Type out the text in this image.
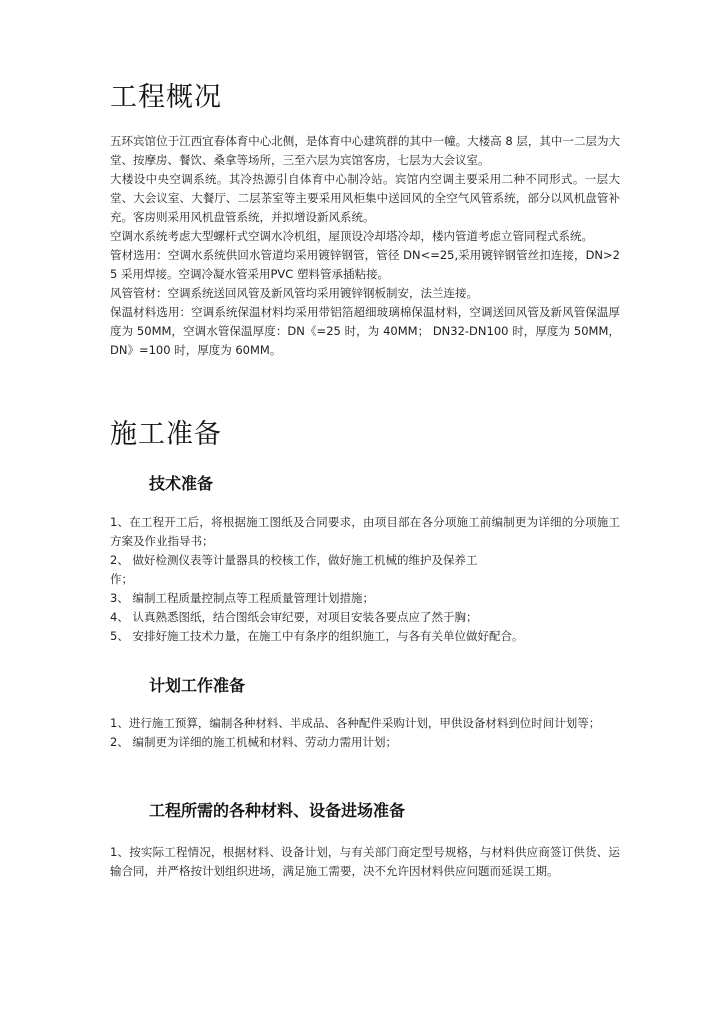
工程概况

五环宾馆位于江西宜春体育中心北侧，是体育中心建筑群的其中一幢。大楼高 8 层，其中一二层为大堂、按摩房、餐饮、桑拿等场所，三至六层为宾馆客房，七层为大会议室。

大楼设中央空调系统。其冷热源引自体育中心制冷站。宾馆内空调主要采用二种不同形式。一层大堂、大会议室、大餐厅、二层茶室等主要采用风柜集中送回风的全空气风管系统，部分以风机盘管补充。客房则采用风机盘管系统，并拟增设新风系统。

空调水系统考虑大型螺杆式空调水冷机组，屋顶设冷却塔冷却，楼内管道考虑立管同程式系统。

管材选用：空调水系统供回水管道均采用镀锌钢管，管径 DN<=25,采用镀锌钢管丝扣连接，DN>25 采用焊接。空调冷凝水管采用PVC 塑料管承插粘接。

风管管材：空调系统送回风管及新风管均采用镀锌钢板制安，法兰连接。

保温材料选用：空调系统保温材料均采用带铝箔超细玻璃棉保温材料，空调送回风管及新风管保温厚度为 50MM，空调水管保温厚度：DN《=25 时，为 40MM； DN32-DN100 时，厚度为 50MM，DN》=100 时，厚度为 60MM。

施工准备
技术准备

1、在工程开工后，将根据施工图纸及合同要求，由项目部在各分项施工前编制更为详细的分项施工方案及作业指导书；

2、 做好检测仪表等计量器具的校核工作，做好施工机械的维护及保养工

作；

3、 编制工程质量控制点等工程质量管理计划措施；

4、 认真熟悉图纸，结合图纸会审纪要，对项目安装各要点应了然于胸；

5、 安排好施工技术力量，在施工中有条序的组织施工，与各有关单位做好配合。

计划工作准备

1、进行施工预算，编制各种材料、半成品、各种配件采购计划，甲供设备材料到位时间计划等；

2、 编制更为详细的施工机械和材料、劳动力需用计划；

工程所需的各种材料、设备进场准备

1、按实际工程情况，根据材料、设备计划，与有关部门商定型号规格，与材料供应商签订供货、运输合同，并严格按计划组织进场，满足施工需要，决不允许因材料供应问题而延误工期。
